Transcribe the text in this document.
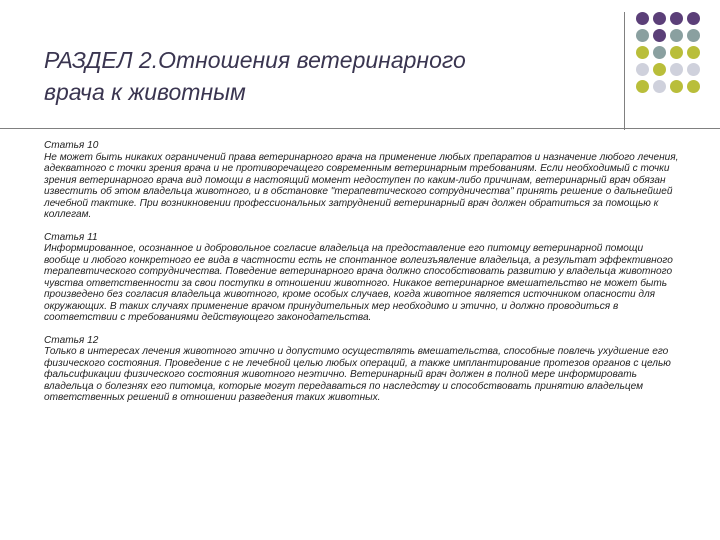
РАЗДЕЛ 2.Отношения ветеринарного
врача к животным
Статья 10

Не может быть никаких ограничений права ветеринарного врача на применение любых препаратов и назначение любого лечения, адекватного с точки зрения врача и не противоречащего современным ветеринарным требованиям. Если необходимый с точки зрения ветеринарного врача вид помощи в настоящий момент недоступен по каким-либо причинам, ветеринарный врач обязан известить об этом владельца животного, и в обстановке "терапевтического сотрудничества" принять решение о дальнейшей лечебной тактике. При возникновении профессиональных затруднений ветеринарный врач должен обратиться за помощью к коллегам.

Статья 11

Информированное, осознанное и добровольное согласие владельца на предоставление его питомцу ветеринарной помощи вообще и любого конкретного ее вида в частности есть не спонтанное волеизъявление владельца, а результат эффективного терапевтического сотрудничества. Поведение ветеринарного врача должно способствовать развитию у владельца животного чувства ответственности за свои поступки в отношении животного. Никакое ветеринарное вмешательство не может быть произведено без согласия владельца животного, кроме особых случаев, когда животное является источником опасности для окружающих. В таких случаях применение врачом принудительных мер необходимо и этично, и должно проводиться в соответствии с требованиями действующего законодательства.

Статья 12

Только в интересах лечения животного этично и допустимо осуществлять вмешательства, способные повлечь ухудшение его физического состояния. Проведение с не лечебной целью любых операций, а также имплантирование протезов органов с целью фальсификации физического состояния животного неэтично. Ветеринарный врач должен в полной мере информировать владельца о болезнях его питомца, которые могут передаваться по наследству и способствовать принятию владельцем ответственных решений в отношении разведения таких животных.
